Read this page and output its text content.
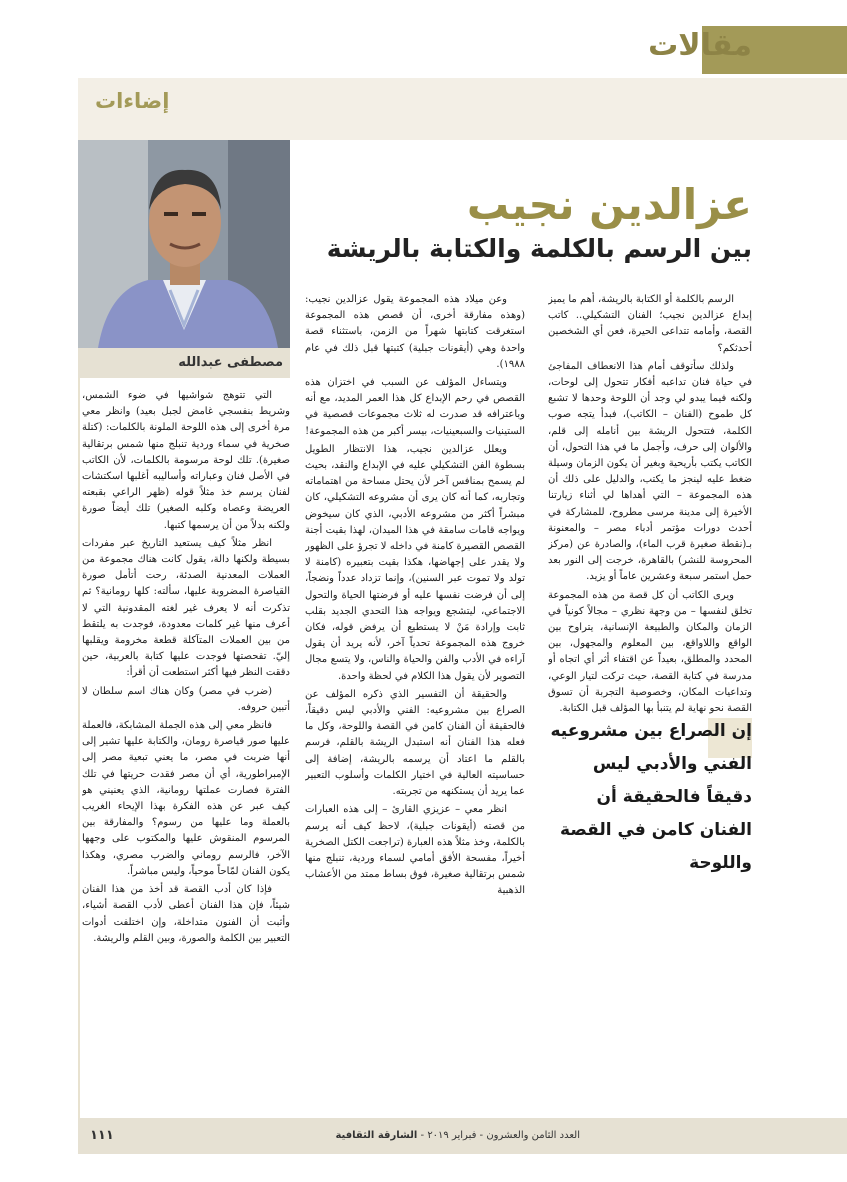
مقالات
إضاءات
مصطفى عبدالله
عزالدين نجيب
بين الرسم بالكلمة والكتابة بالريشة

الرسم بالكلمة أو الكتابة بالريشة، أهم ما يميز إبداع عزالدين نجيب؛ الفنان التشكيلي.. كاتب القصة، وأمامه تتداعى الحيرة، فعن أي الشخصين أحدثكم؟

ولذلك سأتوقف أمام هذا الانعطاف المفاجئ في حياة فنان تداعبه أفكار تتحول إلى لوحات، ولكنه فيما يبدو لي وجد أن اللوحة وحدها لا تشبع كل طموح (الفنان – الكاتب)، فبدأ يتجه صوب الكلمة، فتتحول الريشة بين أنامله إلى قلم، والألوان إلى حرف، وأجمل ما في هذا التحول، أن الكاتب يكتب بأريحية وبغير أن يكون الزمان وسيلة ضغط عليه لينجز ما يكتب، والدليل على ذلك أن هذه المجموعة – التي أهداها لي أثناء زيارتنا الأخيرة إلى مدينة مرسى مطروح، للمشاركة في أحدث دورات مؤتمر أدباء مصر – والمعنونة بـ(نقطة صغيرة قرب الماء)، والصادرة عن (مركز المحروسة للنشر) بالقاهرة، خرجت إلى النور بعد حمل استمر سبعة وعشرين عاماً أو يزيد.

ويرى الكاتب أن كل قصة من هذه المجموعة تخلق لنفسها – من وجهة نظري – مجالاً كونياً في الزمان والمكان والطبيعة الإنسانية، يتراوح بين الواقع واللاواقع، بين المعلوم والمجهول، بين المحدد والمطلق، بعيداً عن اقتفاء أثر أي اتجاه أو مدرسة في كتابة القصة، حيث تركت لتيار الوعي، وتداعيات المكان، وخصوصية التجربة أن تسوق القصة نحو نهاية لم يتنبأ بها المؤلف قبل الكتابة.

إن الصراع بين مشروعيه الفني والأدبي ليس دقيقاً فالحقيقة أن الفنان كامن في القصة واللوحة

وعن ميلاد هذه المجموعة يقول عزالدين نجيب: (وهذه مفارقة أخرى، أن قصص هذه المجموعة استغرقت كتابتها شهراً من الزمن، باستثناء قصة واحدة وهي (أيقونات جبلية) كتبتها قبل ذلك في عام ١٩٨٨).

ويتساءل المؤلف عن السبب في اختزان هذه القصص في رحم الإبداع كل هذا العمر المديد، مع أنه وباعترافه قد صدرت له ثلاث مجموعات قصصية في الستينيات والسبعينيات، بيسر أكبر من هذه المجموعة!

ويعلل عزالدين نجيب، هذا الانتظار الطويل بسطوة الفن التشكيلي عليه في الإبداع والنقد، بحيث لم يسمح بمنافس آخر لأن يحتل مساحة من اهتماماته وتجاربه، كما أنه كان يرى أن مشروعه التشكيلي، كان مبشراً أكثر من مشروعه الأدبي، الذي كان سيخوض ويواجه قامات سامقة في هذا الميدان، لهذا بقيت أجنة القصص القصيرة كامنة في داخله لا تجرؤ على الظهور ولا يقدر على إجهاضها، هكذا بقيت بتعبيره (كامنة لا تولد ولا تموت عبر السنين)، وإنما تزداد عدداً ونضجاً، إلى أن فرضت نفسها عليه أو فرضتها الحياة والتحول الاجتماعي، ليتشجع ويواجه هذا التحدي الجديد بقلب ثابت وإرادة مَنْ لا يستطيع أن يرفض قوله، فكان خروج هذه المجموعة تحدياً آخر، لأنه يريد أن يقول آراءه في الأدب والفن والحياة والناس، ولا يتسع مجال التصوير لأن يقول هذا الكلام في لحظة واحدة.

والحقيقة أن التفسير الذي ذكره المؤلف عن الصراع بين مشروعيه: الفني والأدبي ليس دقيقاً، فالحقيقة أن الفنان كامن في القصة واللوحة، وكل ما فعله هذا الفنان أنه استبدل الريشة بالقلم، فرسم بالقلم ما اعتاد أن يرسمه بالريشة، إضافة إلى حساسيته العالية في اختيار الكلمات وأسلوب التعبير عما يريد أن يستكنهه من تجربته.

انظر معي – عزيزي القارئ – إلى هذه العبارات من قصته (أيقونات جبلية)، لاحظ كيف أنه يرسم بالكلمة، وخذ مثلاً هذه العبارة (تراجعت الكتل الصخرية أخيراً، مفسحة الأفق أمامي لسماء وردية، تنبلج منها شمس برتقالية صغيرة، فوق بساط ممتد من الأعشاب الذهبية

التي تتوهج شواشيها في ضوء الشمس، وشريط بنفسجي غامض لجبل بعيد) وانظر معي مرة أخرى إلى هذه اللوحة الملونة بالكلمات: (كتلة صخرية في سماء وردية تنبلج منها شمس برتقالية صغيرة). تلك لوحة مرسومة بالكلمات، لأن الكاتب في الأصل فنان وعباراته وأساليبه أغلبها اسكتشات لفنان يرسم خذ مثلاً قوله (ظهر الراعي بقبعته العريضة وعصاه وكلبه الصغير) تلك أيضاً صورة ولكنه بدلاً من أن يرسمها كتبها.

انظر مثلاً كيف يستعيد التاريخ عبر مفردات بسيطة ولكنها دالة، يقول كانت هناك مجموعة من العملات المعدنية الصدئة، رحت أتأمل صورة القياصرة المضروبة عليها، سألته: كلها رومانية؟ ثم تذكرت أنه لا يعرف غير لغته المقدونية التي لا أعرف منها غير كلمات معدودة، فوجدت به يلتقط من بين العملات المتآكلة قطعة مخرومة ويقلبها إليّ. تفحصتها فوجدت عليها كتابة بالعربية، حين دققت النظر فيها أكثر استطعت أن أقرأ:

(ضرب في مصر) وكان هناك اسم سلطان لا أتبين حروفه.

فانظر معي إلى هذه الجملة المشابكة، فالعملة عليها صور قياصرة رومان، والكتابة عليها تشير إلى أنها ضربت في مصر، ما يعني تبعية مصر إلى الإمبراطورية، أي أن مصر فقدت حريتها في تلك الفترة فصارت عملتها رومانية، الذي يعنيني هو كيف عبر عن هذه الفكرة بهذا الإيحاء الغريب بالعملة وما عليها من رسوم؟ والمفارقة بين المرسوم المنقوش عليها والمكتوب على وجهها الآخر، فالرسم روماني والضرب مصري، وهكذا يكون الفنان لمّاحاً موحياً، وليس مباشراً.

فإذا كان أدب القصة قد أخذ من هذا الفنان شيئاً، فإن هذا الفنان أعطى لأدب القصة أشياء، وأثبت أن الفنون متداخلة، وإن اختلفت أدوات التعبير بين الكلمة والصورة، وبين القلم والريشة.

العدد الثامن والعشرون - فبراير ٢٠١٩ - الشارقة الثقافية
١١١
